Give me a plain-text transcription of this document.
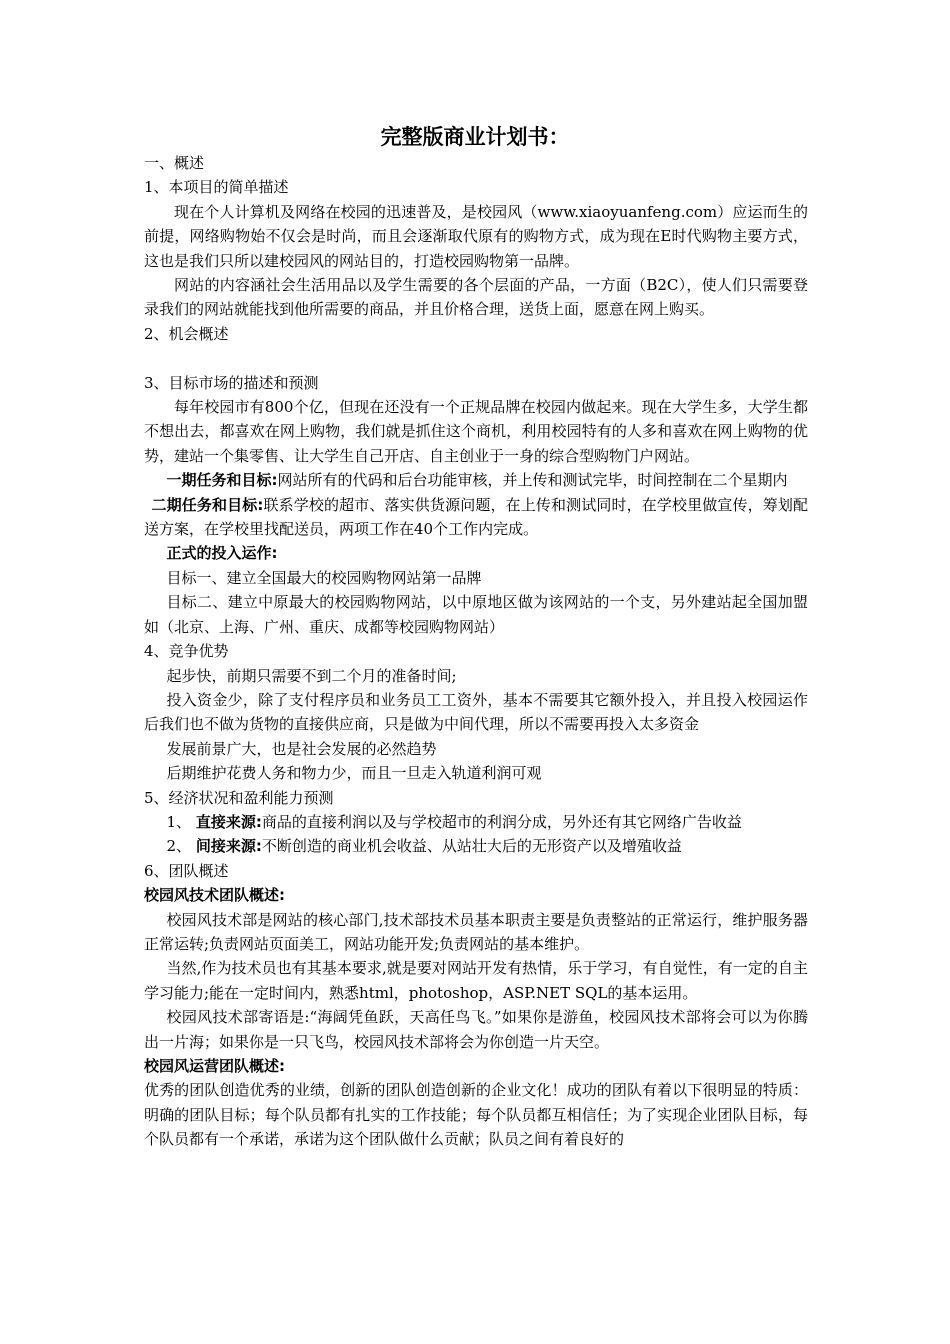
完整版商业计划书：

一、概述

1、本项目的简单描述

现在个人计算机及网络在校园的迅速普及，是校园风（www.xiaoyuanfeng.com）应运而生的前提，网络购物始不仅会是时尚，而且会逐渐取代原有的购物方式，成为现在E时代购物主要方式，这也是我们只所以建校园风的网站目的，打造校园购物第一品牌。

网站的内容涵社会生活用品以及学生需要的各个层面的产品，一方面（B2C），使人们只需要登录我们的网站就能找到他所需要的商品，并且价格合理，送货上面，愿意在网上购买。

2、机会概述

3、目标市场的描述和预测

每年校园市有800个亿，但现在还没有一个正规品牌在校园内做起来。现在大学生多，大学生都不想出去，都喜欢在网上购物，我们就是抓住这个商机，利用校园特有的人多和喜欢在网上购物的优势，建站一个集零售、让大学生自己开店、自主创业于一身的综合型购物门户网站。

一期任务和目标:网站所有的代码和后台功能审核，并上传和测试完毕，时间控制在二个星期内

二期任务和目标:联系学校的超市、落实供货源问题，在上传和测试同时，在学校里做宣传，筹划配送方案，在学校里找配送员，两项工作在40个工作内完成。

正式的投入运作:

目标一、建立全国最大的校园购物网站第一品牌

目标二、建立中原最大的校园购物网站，以中原地区做为该网站的一个支，另外建站起全国加盟如（北京、上海、广州、重庆、成都等校园购物网站）

4、竞争优势

起步快，前期只需要不到二个月的准备时间;

投入资金少，除了支付程序员和业务员工工资外，基本不需要其它额外投入，并且投入校园运作后我们也不做为货物的直接供应商，只是做为中间代理，所以不需要再投入太多资金

发展前景广大，也是社会发展的必然趋势

后期维护花费人务和物力少，而且一旦走入轨道利润可观

5、经济状况和盈利能力预测

1、 直接来源:商品的直接利润以及与学校超市的利润分成，另外还有其它网络广告收益

2、 间接来源:不断创造的商业机会收益、从站壮大后的无形资产以及增殖收益

6、团队概述

校园风技术团队概述:

校园风技术部是网站的核心部门,技术部技术员基本职责主要是负责整站的正常运行，维护服务器正常运转;负责网站页面美工，网站功能开发;负责网站的基本维护。

当然,作为技术员也有其基本要求,就是要对网站开发有热情，乐于学习，有自觉性，有一定的自主学习能力;能在一定时间内，熟悉html，photoshop，ASP.NET SQL的基本运用。

校园风技术部寄语是:“海阔凭鱼跃，天高任鸟飞。”如果你是游鱼，校园风技术部将会可以为你腾出一片海；如果你是一只飞鸟，校园风技术部将会为你创造一片天空。

校园风运营团队概述:

优秀的团队创造优秀的业绩，创新的团队创造创新的企业文化！成功的团队有着以下很明显的特质：明确的团队目标；每个队员都有扎实的工作技能；每个队员都互相信任；为了实现企业团队目标，每个队员都有一个承诺，承诺为这个团队做什么贡献；队员之间有着良好的
